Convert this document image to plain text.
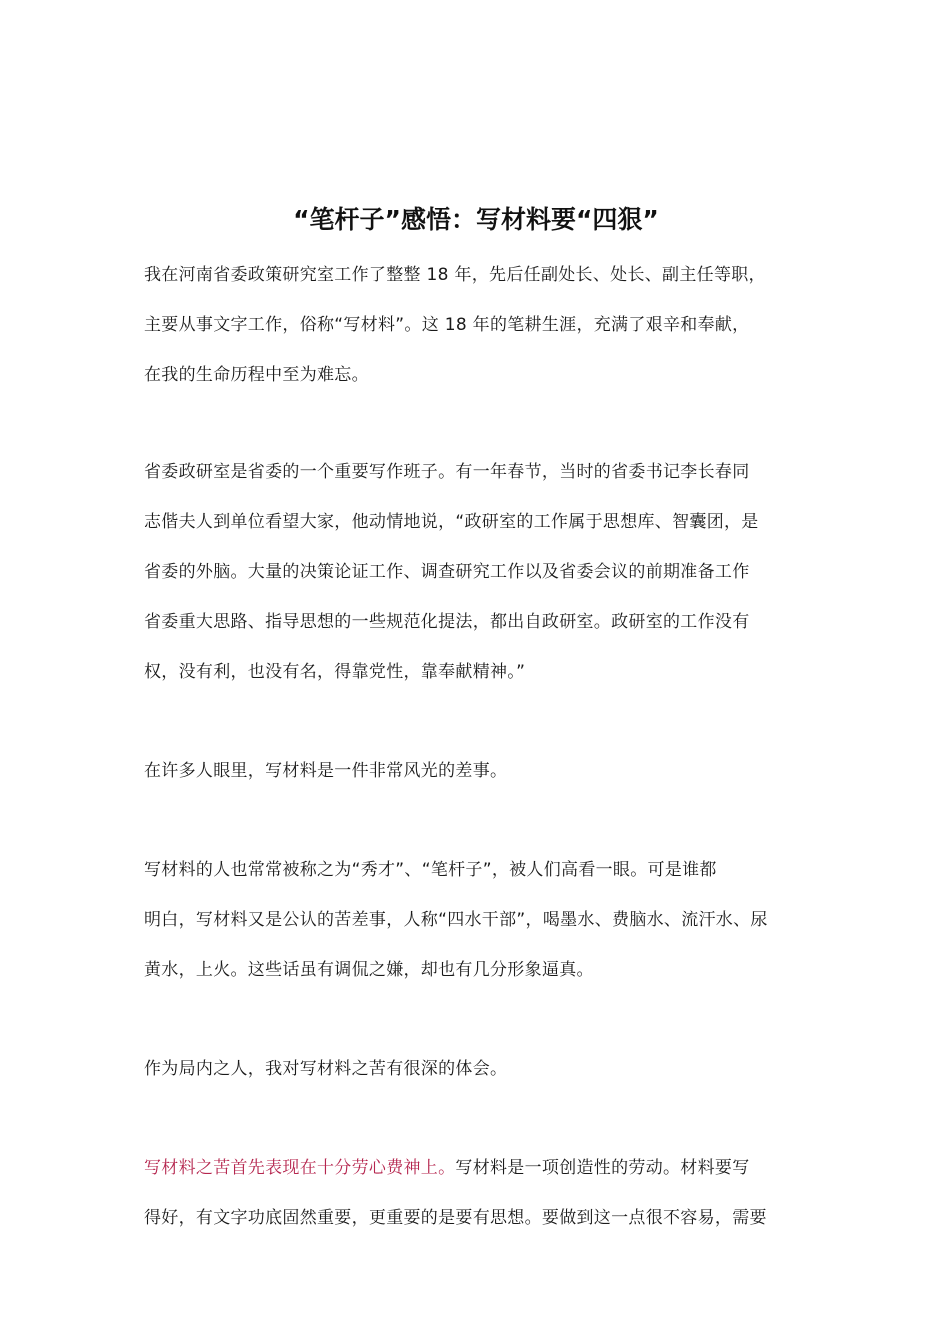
“笔杆子”感悟：写材料要“四狠”

我在河南省委政策研究室工作了整整 18 年，先后任副处长、处长、副主任等职，
主要从事文字工作，俗称“写材料”。这 18 年的笔耕生涯，充满了艰辛和奉献，
在我的生命历程中至为难忘。

省委政研室是省委的一个重要写作班子。有一年春节，当时的省委书记李长春同
志偕夫人到单位看望大家，他动情地说，“政研室的工作属于思想库、智囊团，是
省委的外脑。大量的决策论证工作、调查研究工作以及省委会议的前期准备工作
省委重大思路、指导思想的一些规范化提法，都出自政研室。政研室的工作没有
权，没有利，也没有名，得靠党性，靠奉献精神。”

在许多人眼里，写材料是一件非常风光的差事。

写材料的人也常常被称之为“秀才”、“笔杆子”，被人们高看一眼。可是谁都
明白，写材料又是公认的苦差事，人称“四水干部”，喝墨水、费脑水、流汗水、尿
黄水，上火。这些话虽有调侃之嫌，却也有几分形象逼真。

作为局内之人，我对写材料之苦有很深的体会。

写材料之苦首先表现在十分劳心费神上。写材料是一项创造性的劳动。材料要写
得好，有文字功底固然重要，更重要的是要有思想。要做到这一点很不容易，需要
